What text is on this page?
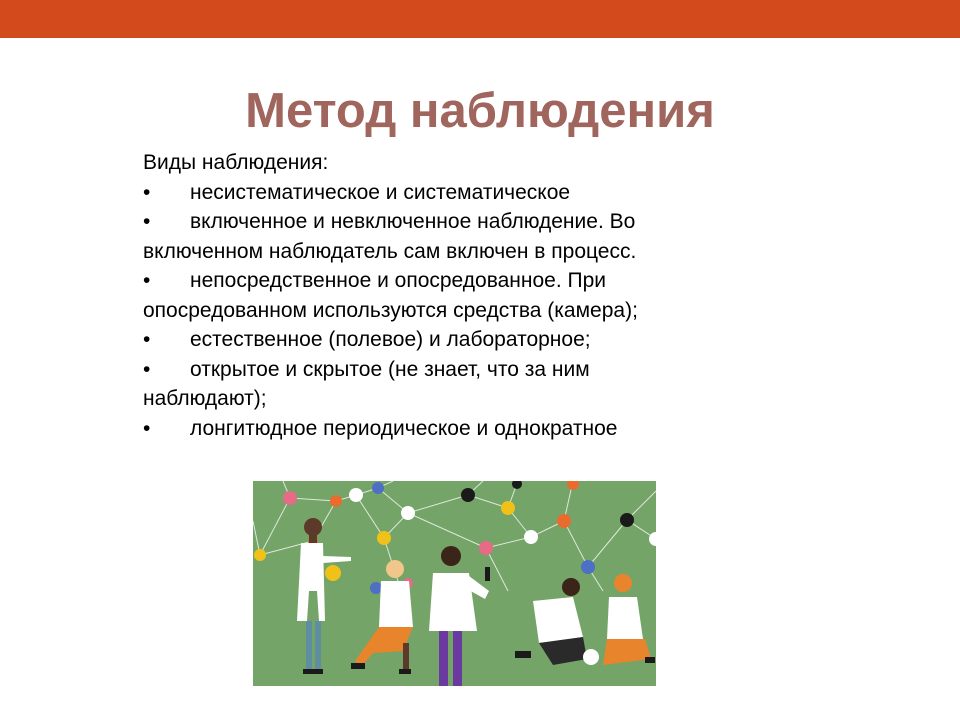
Метод наблюдения

Виды наблюдения:

• несистематическое и систематическое

• включенное и невключенное наблюдение. Во

включенном наблюдатель сам включен в процесс.

• непосредственное и опосредованное. При

опосредованном используются средства (камера);

• естественное (полевое) и лабораторное;

• открытое и скрытое (не знает, что за ним

наблюдают);

• лонгитюдное периодическое и однократное
